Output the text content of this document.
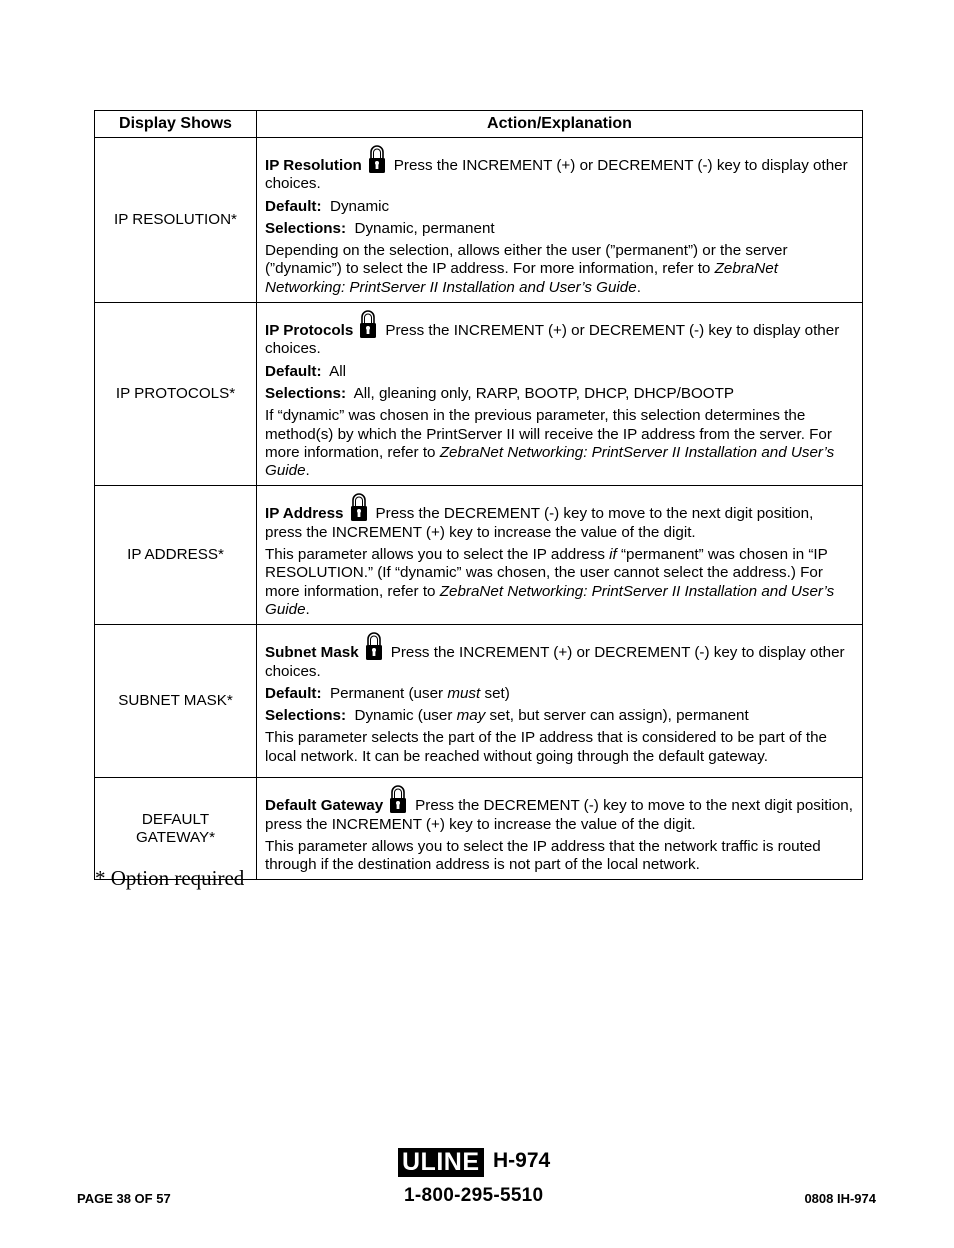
Display Shows	Action/Explanation
IP RESOLUTION*	IP Resolution Press the INCREMENT (+) or DECREMENT (-) key to display other choices.

Default: Dynamic

Selections: Dynamic, permanent

Depending on the selection, allows either the user (”permanent”) or the server (”dynamic”) to select the IP address. For more information, refer to ZebraNet Networking: PrintServer II Installation and User’s Guide.

IP PROTOCOLS*	IP Protocols Press the INCREMENT (+) or DECREMENT (-) key to display other choices.

Default: All

Selections: All, gleaning only, RARP, BOOTP, DHCP, DHCP/BOOTP

If “dynamic” was chosen in the previous parameter, this selection determines the method(s) by which the PrintServer II will receive the IP address from the server. For more information, refer to ZebraNet Networking: PrintServer II Installation and User’s Guide.

IP ADDRESS*	IP Address Press the DECREMENT (-) key to move to the next digit position, press the INCREMENT (+) key to increase the value of the digit.

This parameter allows you to select the IP address if “permanent” was chosen in “IP RESOLUTION.” (If “dynamic” was chosen, the user cannot select the address.) For more information, refer to ZebraNet Networking: PrintServer II Installation and User’s Guide.

SUBNET MASK*	Subnet Mask Press the INCREMENT (+) or DECREMENT (-) key to display other choices.

Default: Permanent (user must set)

Selections: Dynamic (user may set, but server can assign), permanent

This parameter selects the part of the IP address that is considered to be part of the local network. It can be reached without going through the default gateway.

DEFAULT GATEWAY*	Default Gateway Press the DECREMENT (-) key to move to the next digit position, press the INCREMENT (+) key to increase the value of the digit.

This parameter allows you to select the IP address that the network traffic is routed through if the destination address is not part of the local network.

* Option required
PAGE 38 OF 57
ULINE H-974
1-800-295-5510	0808 IH-974
